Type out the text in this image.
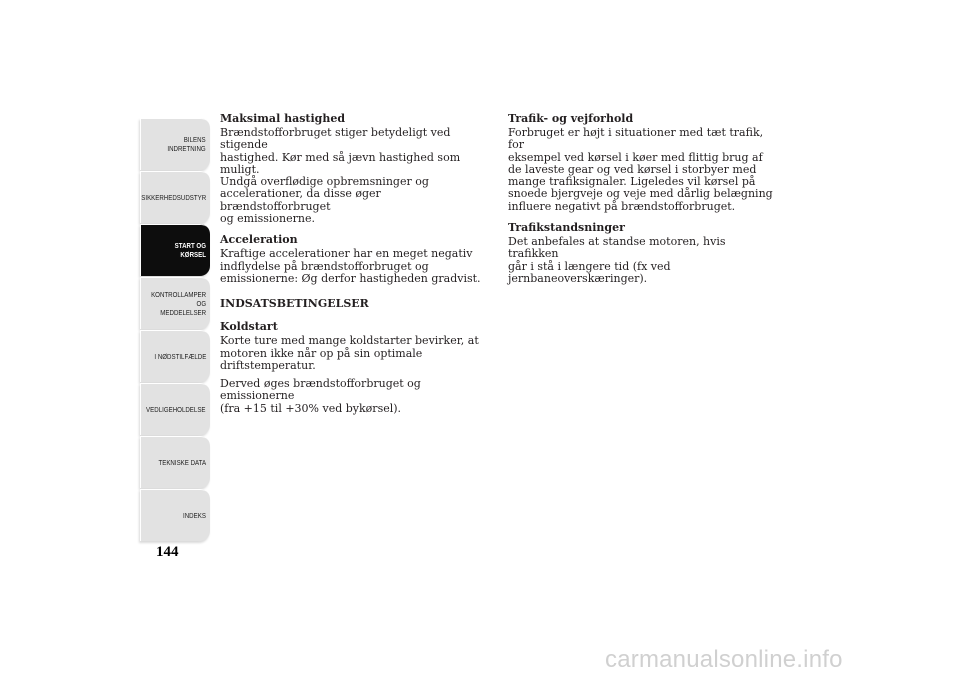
BILENS
INDRETNING
SIKKERHEDSUDSTYR
START OG KØRSEL
KONTROLLAMPER
OG MEDDELELSER
I NØDSTILFÆLDE
VEDLIGEHOLDELSE
TEKNISKE DATA
INDEKS
144
Maksimal hastighed

Brændstofforbruget stiger betydeligt ved stigende
hastighed. Kør med så jævn hastighed som muligt.
Undgå overflødige opbremsninger og
accelerationer, da disse øger brændstofforbruget
og emissionerne.

Acceleration

Kraftige accelerationer har en meget negativ
indflydelse på brændstofforbruget og
emissionerne: Øg derfor hastigheden gradvist.

INDSATSBETINGELSER
Koldstart

Korte ture med mange koldstarter bevirker, at
motoren ikke når op på sin optimale
driftstemperatur.

Derved øges brændstofforbruget og emissionerne
(fra +15 til +30% ved bykørsel).

Trafik- og vejforhold

Forbruget er højt i situationer med tæt trafik, for
eksempel ved kørsel i køer med flittig brug af
de laveste gear og ved kørsel i storbyer med
mange trafiksignaler. Ligeledes vil kørsel på
snoede bjergveje og veje med dårlig belægning
influere negativt på brændstofforbruget.

Trafikstandsninger

Det anbefales at standse motoren, hvis trafikken
går i stå i længere tid (fx ved
jernbaneoverskæringer).

carmanualsonline.info
